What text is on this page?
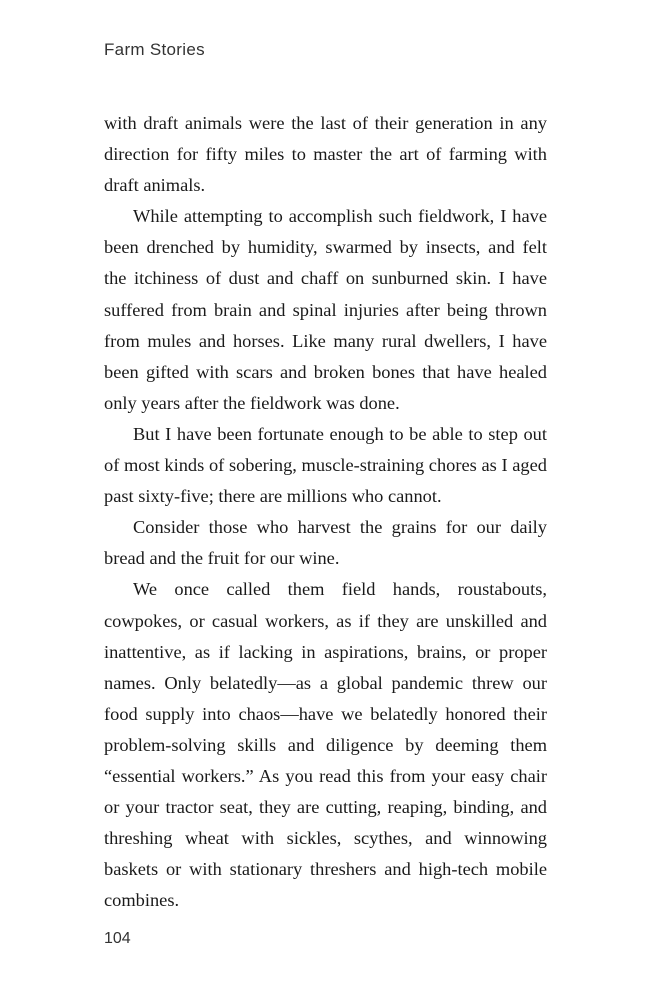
Farm Stories

with draft animals were the last of their generation in any direction for fifty miles to master the art of farming with draft animals.

While attempting to accomplish such fieldwork, I have been drenched by humidity, swarmed by insects, and felt the itchiness of dust and chaff on sunburned skin. I have suffered from brain and spinal injuries after being thrown from mules and horses. Like many rural dwellers, I have been gifted with scars and broken bones that have healed only years after the fieldwork was done.

But I have been fortunate enough to be able to step out of most kinds of sobering, muscle-straining chores as I aged past sixty-five; there are millions who cannot.

Consider those who harvest the grains for our daily bread and the fruit for our wine.

We once called them field hands, roustabouts, cowpokes, or casual workers, as if they are unskilled and inattentive, as if lacking in aspirations, brains, or proper names. Only belatedly—as a global pandemic threw our food supply into chaos—have we belatedly honored their problem-solving skills and diligence by deeming them “essential workers.” As you read this from your easy chair or your tractor seat, they are cutting, reaping, binding, and threshing wheat with sickles, scythes, and winnowing baskets or with stationary threshers and high-tech mobile combines.

104
